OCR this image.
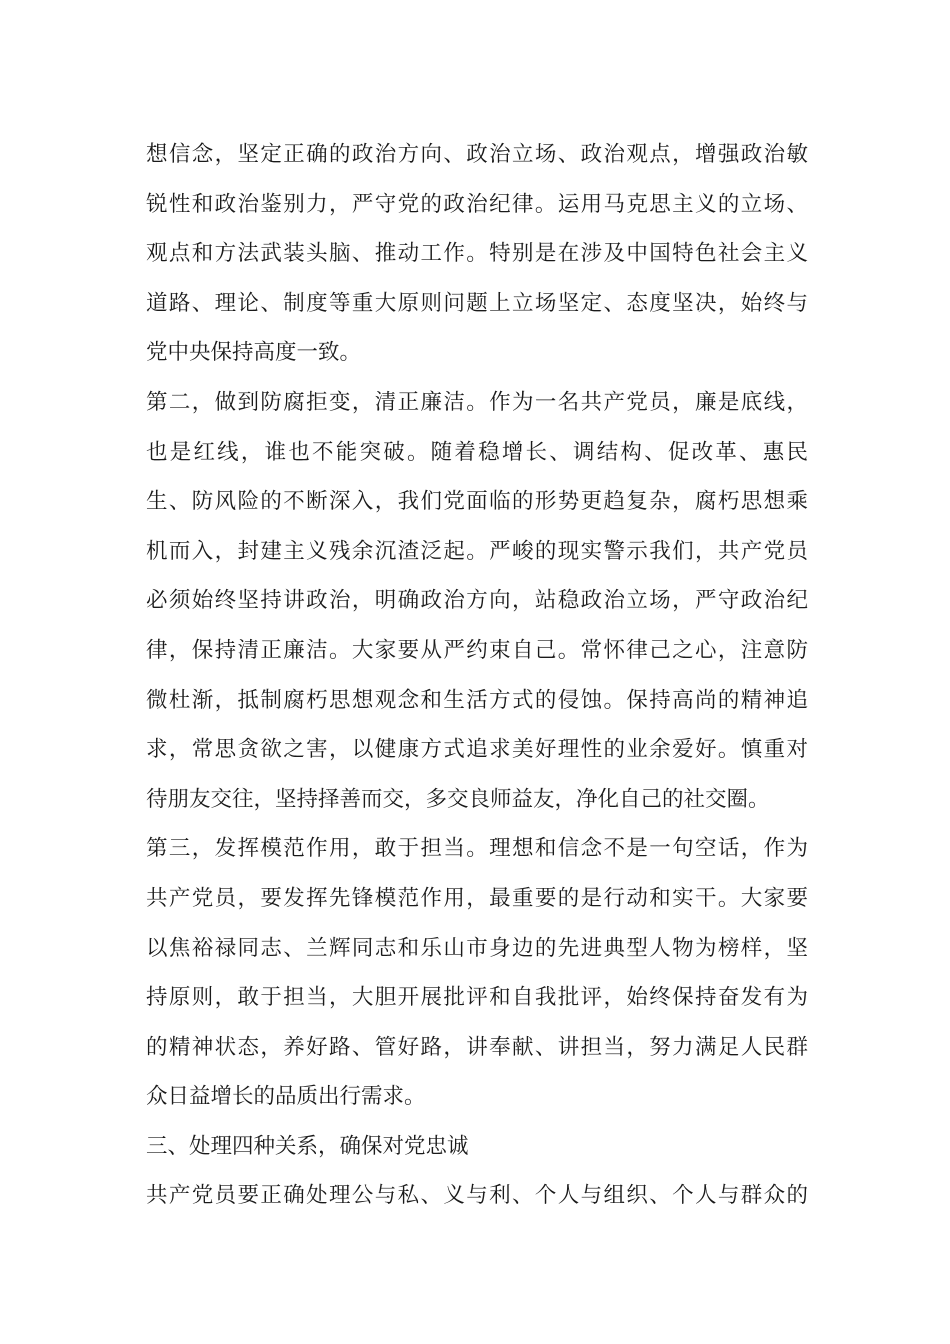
想信念，坚定正确的政治方向、政治立场、政治观点，增强政治敏
锐性和政治鉴别力，严守党的政治纪律。运用马克思主义的立场、
观点和方法武装头脑、推动工作。特别是在涉及中国特色社会主义
道路、理论、制度等重大原则问题上立场坚定、态度坚决，始终与
党中央保持高度一致。
第二，做到防腐拒变，清正廉洁。作为一名共产党员，廉是底线，
也是红线，谁也不能突破。随着稳增长、调结构、促改革、惠民
生、防风险的不断深入，我们党面临的形势更趋复杂，腐朽思想乘
机而入，封建主义残余沉渣泛起。严峻的现实警示我们，共产党员
必须始终坚持讲政治，明确政治方向，站稳政治立场，严守政治纪
律，保持清正廉洁。大家要从严约束自己。常怀律己之心，注意防
微杜渐，抵制腐朽思想观念和生活方式的侵蚀。保持高尚的精神追
求，常思贪欲之害，以健康方式追求美好理性的业余爱好。慎重对
待朋友交往，坚持择善而交，多交良师益友，净化自己的社交圈。
第三，发挥模范作用，敢于担当。理想和信念不是一句空话，作为
共产党员，要发挥先锋模范作用，最重要的是行动和实干。大家要
以焦裕禄同志、兰辉同志和乐山市身边的先进典型人物为榜样，坚
持原则，敢于担当，大胆开展批评和自我批评，始终保持奋发有为
的精神状态，养好路、管好路，讲奉献、讲担当，努力满足人民群
众日益增长的品质出行需求。
三、处理四种关系，确保对党忠诚
共产党员要正确处理公与私、义与利、个人与组织、个人与群众的
